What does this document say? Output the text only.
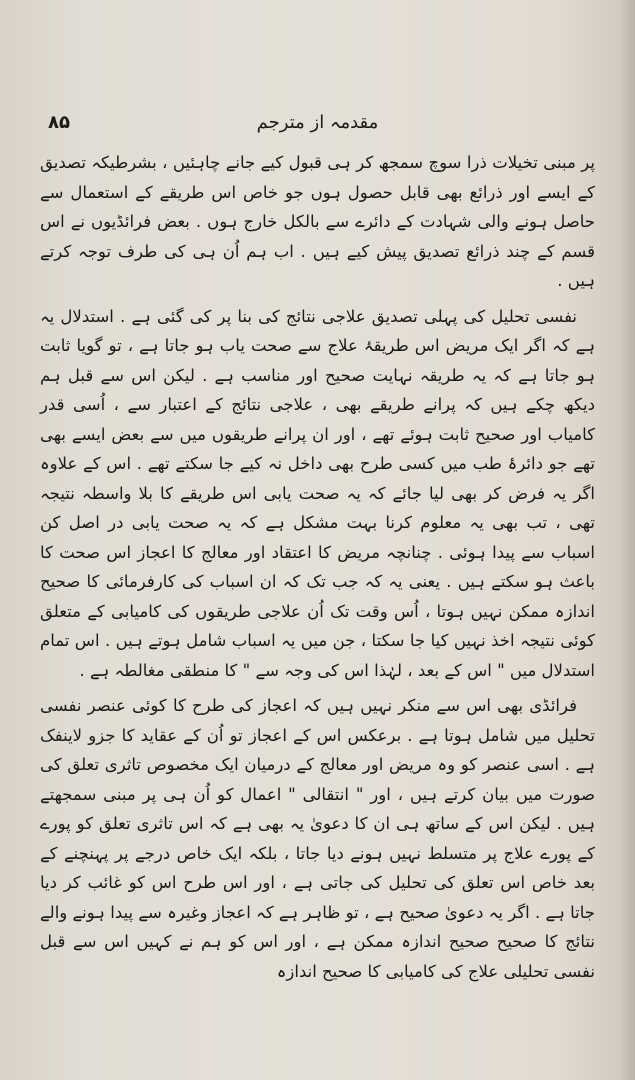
۸۵	مقدمہ از مترجم

پر مبنی تخیلات ذرا سوچ سمجھ کر ہی قبول کیے جانے چاہئیں ، بشرطیکہ تصدیق کے ایسے اور ذرائع بھی قابل حصول ہوں جو خاص اس طریقے کے استعمال سے حاصل ہونے والی شہادت کے دائرے سے بالکل خارج ہوں . بعض فرائڈیوں نے اس قسم کے چند ذرائع تصدیق پیش کیے ہیں . اب ہم اُن ہی کی طرف توجہ کرتے ہیں .

نفسی تحلیل کی پہلی تصدیق علاجی نتائج کی بنا پر کی گئی ہے . استدلال یہ ہے کہ اگر ایک مریض اس طریقۂ علاج سے صحت یاب ہو جاتا ہے ، تو گویا ثابت ہو جاتا ہے کہ یہ طریقہ نہایت صحیح اور مناسب ہے . لیکن اس سے قبل ہم دیکھ چکے ہیں کہ پرانے طریقے بھی ، علاجی نتائج کے اعتبار سے ، اُسی قدر کامیاب اور صحیح ثابت ہوئے تھے ، اور ان پرانے طریقوں میں سے بعض ایسے بھی تھے جو دائرۂ طب میں کسی طرح بھی داخل نہ کیے جا سکتے تھے . اس کے علاوہ اگر یہ فرض کر بھی لیا جائے کہ یہ صحت یابی اس طریقے کا بلا واسطہ نتیجہ تھی ، تب بھی یہ معلوم کرنا بہت مشکل ہے کہ یہ صحت یابی در اصل کن اسباب سے پیدا ہوئی . چنانچہ مریض کا اعتقاد اور معالج کا اعجاز اس صحت کا باعث ہو سکتے ہیں . یعنی یہ کہ جب تک کہ ان اسباب کی کارفرمائی کا صحیح اندازہ ممکن نہیں ہوتا ، اُس وقت تک اُن علاجی طریقوں کی کامیابی کے متعلق کوئی نتیجہ اخذ نہیں کیا جا سکتا ، جن میں یہ اسباب شامل ہوتے ہیں . اس تمام استدلال میں " اس کے بعد ، لہٰذا اس کی وجہ سے " کا منطقی مغالطہ ہے .

فرائڈی بھی اس سے منکر نہیں ہیں کہ اعجاز کی طرح کا کوئی عنصر نفسی تحلیل میں شامل ہوتا ہے . برعکس اس کے اعجاز تو اُن کے عقاید کا جزو لاینفک ہے . اسی عنصر کو وہ مریض اور معالج کے درمیان ایک مخصوص تاثری تعلق کی صورت میں بیان کرتے ہیں ، اور " انتقالی " اعمال کو اُن ہی پر مبنی سمجھتے ہیں . لیکن اس کے ساتھ ہی ان کا دعویٰ یہ بھی ہے کہ اس تاثری تعلق کو پورے کے پورے علاج پر متسلط نہیں ہونے دیا جاتا ، بلکہ ایک خاص درجے پر پہنچنے کے بعد خاص اس تعلق کی تحلیل کی جاتی ہے ، اور اس طرح اس کو غائب کر دیا جاتا ہے . اگر یہ دعویٰ صحیح ہے ، تو ظاہر ہے کہ اعجاز وغیرہ سے پیدا ہونے والے نتائج کا صحیح صحیح اندازہ ممکن ہے ، اور اس کو ہم نے کہیں اس سے قبل نفسی تحلیلی علاج کی کامیابی کا صحیح اندازہ
